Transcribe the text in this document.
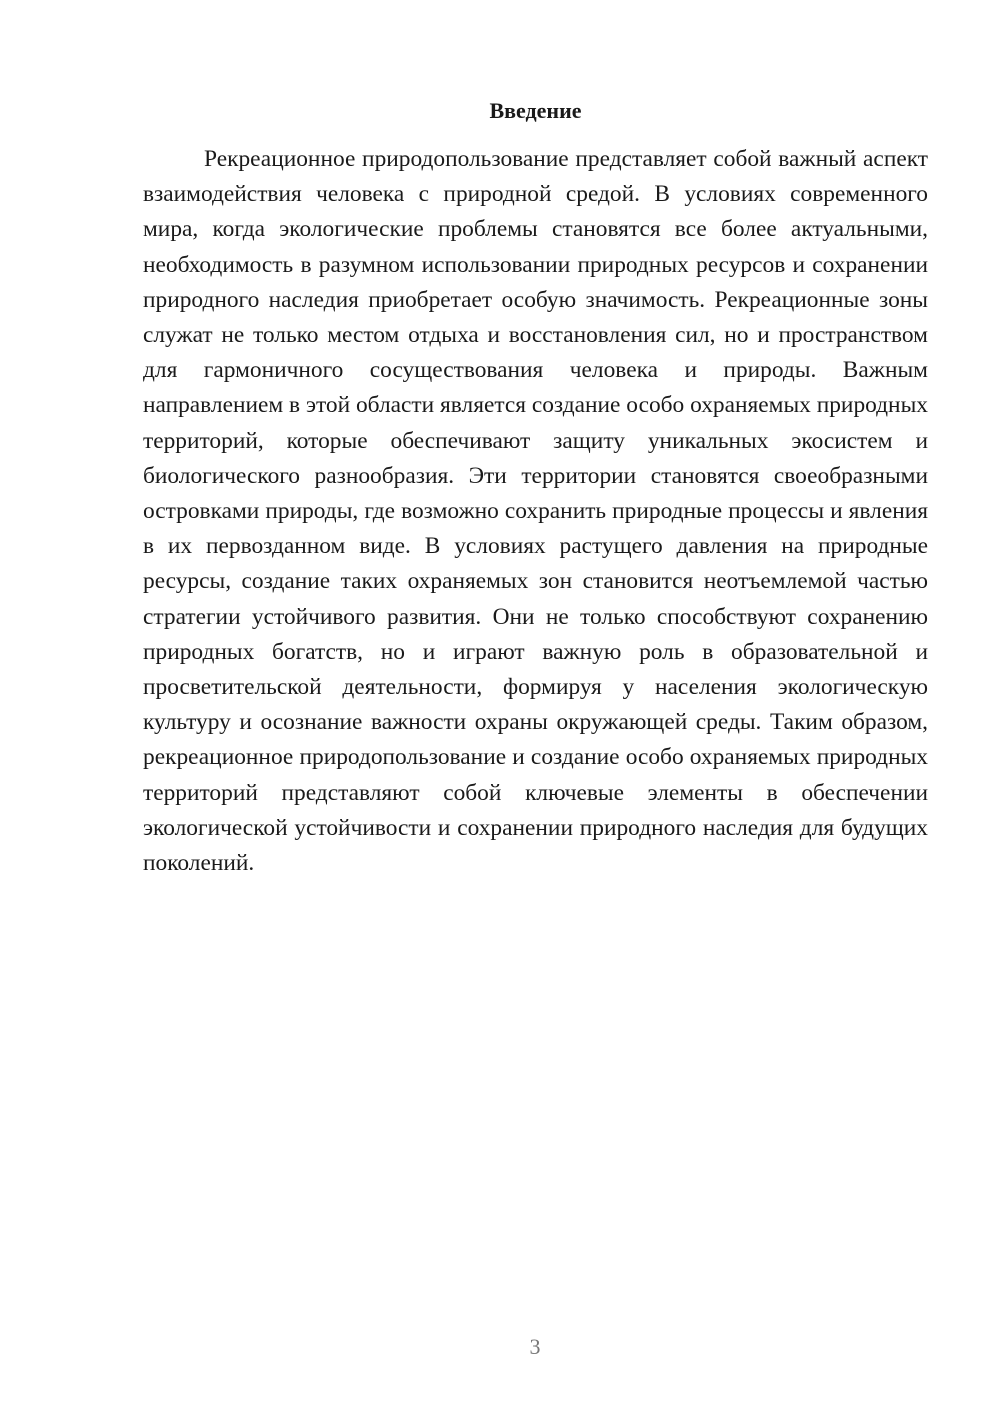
Введение

Рекреационное природопользование представляет собой важный аспект взаимодействия человека с природной средой. В условиях современного мира, когда экологические проблемы становятся все более актуальными, необходимость в разумном использовании природных ресурсов и сохранении природного наследия приобретает особую значимость. Рекреационные зоны служат не только местом отдыха и восстановления сил, но и пространством для гармоничного сосуществования человека и природы. Важным направлением в этой области является создание особо охраняемых природных территорий, которые обеспечивают защиту уникальных экосистем и биологического разнообразия. Эти территории становятся своеобразными островками природы, где возможно сохранить природные процессы и явления в их первозданном виде. В условиях растущего давления на природные ресурсы, создание таких охраняемых зон становится неотъемлемой частью стратегии устойчивого развития. Они не только способствуют сохранению природных богатств, но и играют важную роль в образовательной и просветительской деятельности, формируя у населения экологическую культуру и осознание важности охраны окружающей среды. Таким образом, рекреационное природопользование и создание особо охраняемых природных территорий представляют собой ключевые элементы в обеспечении экологической устойчивости и сохранении природного наследия для будущих поколений.

3
